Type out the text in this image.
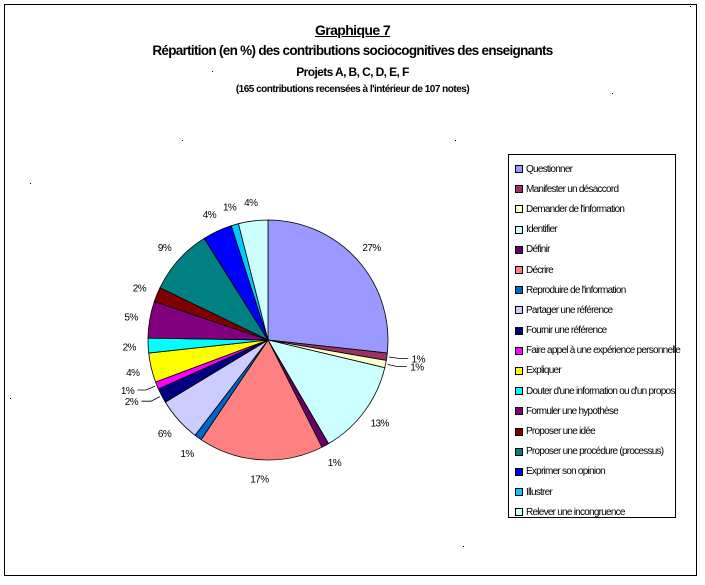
Graphique 7
Répartition (en %) des contributions sociocognitives des enseignants
Projets A, B, C, D, E, F
(165 contributions recensées à l'intérieur de 107 notes)
27%
1%
1%
13%
1%
17%
1%
6%
2%
1%
4%
2%
5%
2%
9%
4%
1% 4%
Questionner
Manifester un désaccord
Demander de l'information
Identifier
Définir
Décrire
Reproduire de l'information
Partager une référence
Fournir une référence
Faire appel à une expérience personnelle
Expliquer
Douter d'une information ou d'un propos
Formuler une hypothèse
Proposer une idée
Proposer une procédure (processus)
Exprimer son opinion
Illustrer
Relever une incongruence
